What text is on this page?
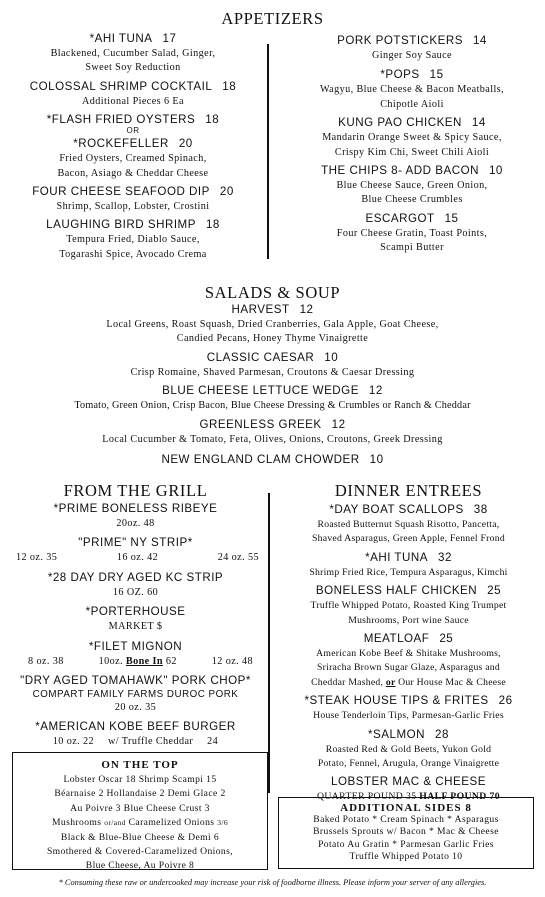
APPETIZERS
*AHI TUNA 17
Blackened, Cucumber Salad, Ginger,
Sweet Soy Reduction
COLOSSAL SHRIMP COCKTAIL 18
Additional Pieces 6 Ea
*FLASH FRIED OYSTERS 18
OR
*ROCKEFELLER 20
Fried Oysters, Creamed Spinach,
Bacon, Asiago & Cheddar Cheese
FOUR CHEESE SEAFOOD DIP 20
Shrimp, Scallop, Lobster, Crostini
LAUGHING BIRD SHRIMP 18
Tempura Fried, Diablo Sauce,
Togarashi Spice, Avocado Crema
PORK POTSTICKERS 14
Ginger Soy Sauce
*POPS 15
Wagyu, Blue Cheese & Bacon Meatballs,
Chipotle Aioli
KUNG PAO CHICKEN 14
Mandarin Orange Sweet & Spicy Sauce,
Crispy Kim Chi, Sweet Chili Aioli
THE CHIPS 8- ADD BACON 10
Blue Cheese Sauce, Green Onion,
Blue Cheese Crumbles
ESCARGOT 15
Four Cheese Gratin, Toast Points,
Scampi Butter
SALADS & SOUP
HARVEST 12
Local Greens, Roast Squash, Dried Cranberries, Gala Apple, Goat Cheese,
Candied Pecans, Honey Thyme Vinaigrette
CLASSIC CAESAR 10
Crisp Romaine, Shaved Parmesan, Croutons & Caesar Dressing
BLUE CHEESE LETTUCE WEDGE 12
Tomato, Green Onion, Crisp Bacon, Blue Cheese Dressing & Crumbles or Ranch & Cheddar
GREENLESS GREEK 12
Local Cucumber & Tomato, Feta, Olives, Onions, Croutons, Greek Dressing
NEW ENGLAND CLAM CHOWDER 10
FROM THE GRILL
*PRIME BONELESS RIBEYE
20oz. 48
"PRIME" NY STRIP*
12 oz. 35	16 oz. 42	24 oz. 55
*28 DAY DRY AGED KC STRIP
16 OZ. 60
*PORTERHOUSE
MARKET $
*FILET MIGNON
8 oz. 38	10oz. Bone In 62	12 oz. 48
"DRY AGED TOMAHAWK" PORK CHOP*
COMPART FAMILY FARMS DUROC PORK
20 oz. 35
*AMERICAN KOBE BEEF BURGER
10 oz. 22 w/ Truffle Cheddar 24
ON THE TOP
Lobster Oscar 18 Shrimp Scampi 15
Béarnaise 2 Hollandaise 2 Demi Glace 2
Au Poivre 3 Blue Cheese Crust 3
Mushrooms or/and Caramelized Onions 3/6
Black & Blue-Blue Cheese & Demi 6
Smothered & Covered-Caramelized Onions,
Blue Cheese, Au Poivre 8
DINNER ENTREES
*DAY BOAT SCALLOPS 38
Roasted Butternut Squash Risotto, Pancetta,
Shaved Asparagus, Green Apple, Fennel Frond
*AHI TUNA 32
Shrimp Fried Rice, Tempura Asparagus, Kimchi
BONELESS HALF CHICKEN 25
Truffle Whipped Potato, Roasted King Trumpet
Mushrooms, Port wine Sauce
MEATLOAF 25
American Kobe Beef & Shitake Mushrooms,
Sriracha Brown Sugar Glaze, Asparagus and
Cheddar Mashed, or Our House Mac & Cheese
*STEAK HOUSE TIPS & FRITES 26
House Tenderloin Tips, Parmesan-Garlic Fries
*SALMON 28
Roasted Red & Gold Beets, Yukon Gold
Potato, Fennel, Arugula, Orange Vinaigrette
LOBSTER MAC & CHEESE
QUARTER POUND 35 HALF POUND 70
ADDITIONAL SIDES 8
Baked Potato * Cream Spinach * Asparagus
Brussels Sprouts w/ Bacon * Mac & Cheese
Potato Au Gratin * Parmesan Garlic Fries
Truffle Whipped Potato 10
* Consuming these raw or undercooked may increase your risk of foodborne illness. Please inform your server of any allergies.
